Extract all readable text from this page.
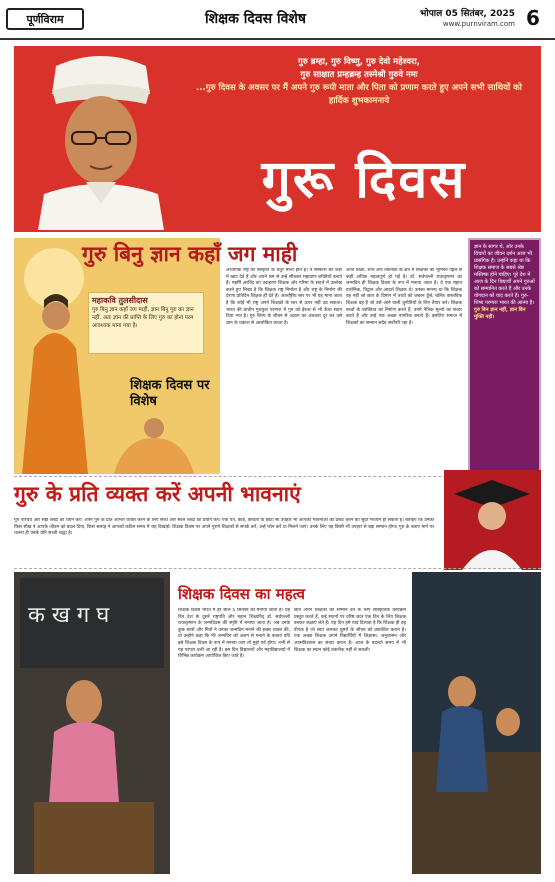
पूर्णविराम	शिक्षक दिवस विशेष	भोपाल 05 सितंबर, 2025
www.purnviram.com 6
गुरु ब्रम्हा, गुरु विष्णु, गुरु देवो महेश्वरा,
गुरु साक्षात प्रम्हब्रम्ह तस्मेश्री गुरुवे नमः
...गुरु दिवस के अवसर पर मैं अपने गुरु रूपी माता और पिता को प्रणाम करते हुए अपने सभी साथियों को
हार्दिक शुभकामनाये
गुरू दिवस
गुरु बिनु ज्ञान कहाँ जग माही
महाकवि तुलसीदास
गुरु बिनु ज्ञान कहाँ जग माही, ज्ञान बिनु गुरु का ज्ञान नहीं. अतः ज्ञान की प्राप्ति के लिए गुरु का होना परम आवश्यक माना गया है।
शिक्षक दिवस पर विशेष
अध्यापक राष्ट्र की संस्कृति के चतुर माली होते हैं। वे संस्कारों की जड़ों में खाद देते हैं और अपने श्रम से उन्हें सींचकर महाप्राण शक्तियाँ बनाते हैं। महर्षि अरविंद का उदाहरण शिक्षक और गरिमा के संदर्भ में उल्लेख करते हुए लिखा है कि शिक्षक राष्ट्र निर्माता है और राष्ट्र के निर्माण की प्रेरणा प्रतिदिन शिक्षक ही देते हैं। अंतर्राष्ट्रीय स्तर पर भी यह माना जाता है कि कोई भी राष्ट्र अपने शिक्षकों के स्तर से ऊपर नहीं उठ सकता। भारत की प्राचीन गुरुकुल परम्परा में गुरु को ईश्वर से भी ऊँचा स्थान दिया गया है। गुरु शिष्य के जीवन से अज्ञान का अंधकार दूर कर उसे ज्ञान के प्रकाश से आलोकित करता है।
आज शिक्षा, शोध और तकनीक के क्षेत्र में शिक्षकों की भूमिका पहले से कहीं अधिक महत्वपूर्ण हो गई है। डॉ. सर्वपल्ली राधाकृष्णन का जन्मदिन ही शिक्षक दिवस के रूप में मनाया जाता है। वे एक महान दार्शनिक, विद्वान और आदर्श शिक्षक थे। उनका मानना था कि शिक्षक वह नहीं जो छात्र के दिमाग में तथ्यों को जबरन ठूँसे, बल्कि वास्तविक शिक्षक वह है जो उसे आने वाली चुनौतियों के लिए तैयार करे। शिक्षक बच्चों के व्यक्तित्व का निर्माण करते हैं, उनमें नैतिक मूल्यों का संचार करते हैं और उन्हें एक अच्छा नागरिक बनाते हैं। इसलिए समाज में शिक्षकों का सम्मान सदैव सर्वोपरि रहा है।
ज्ञान के सागर थे, ओर उनके विचारों का जीवन दर्शन आज भी प्रासंगिक है। उन्होंने कहा था कि शिक्षक समाज के सबसे श्रेष्ठ मस्तिष्क होने चाहिए। पूरे देश में आज के दिन विद्यार्थी अपने गुरुओं को सम्मानित करते हैं और उनके योगदान को याद करते हैं। गुरु-शिष्य परम्परा भारत की आत्मा है।
गुरु बिन ज्ञान नहीं, ज्ञान बिन मुक्ति नहीं।
गुरु के प्रति व्यक्त करें अपनी भावनाएं
गुरु परिचय और सही शब्दों का चयन करें। अपने गुरु के प्रति आभार व्यक्त करने के लिए सच्चे और सरल शब्दों का प्रयोग करें। एक पत्र, कार्ड, कविता या छोटा सा उपहार भी आपकी भावनाओं को प्रकट करने का सुंदर माध्यम हो सकता है। बताइए कि उनकी किस सीख ने आपके जीवन को बदल दिया, किस सलाह ने आपको कठिन समय में राह दिखाई। शिक्षक दिवस पर अपने पुराने शिक्षकों से संपर्क करें, उन्हें फोन करें या मिलने जाएं। उनके लिए यह किसी भी उपहार से बड़ा सम्मान होगा। गुरु के बताए मार्ग पर चलना ही उनके प्रति सच्ची श्रद्धा है।
क ख ग घ
शिक्षक दिवस का महत्व
शिक्षक दिवस भारत में हर साल 5 सितंबर को मनाया जाता है। यह दिन देश के दूसरे राष्ट्रपति और महान शिक्षाविद् डॉ. सर्वपल्ली राधाकृष्णन के जन्मदिवस की स्मृति में मनाया जाता है। जब उनके कुछ छात्रों और मित्रों ने उनका जन्मदिन मनाने की इच्छा व्यक्त की, तो उन्होंने कहा कि मेरे जन्मदिन को अलग से मनाने के बजाय यदि इसे शिक्षक दिवस के रूप में मनाया जाए तो मुझे गर्व होगा। तभी से यह परंपरा चली आ रही है। इस दिन विद्यालयों और महाविद्यालयों में विभिन्न कार्यक्रम आयोजित किए जाते हैं।
छात्र अपने शिक्षकों को सम्मान देने के लिए सांस्कृतिक कार्यक्रम प्रस्तुत करते हैं, कई स्थानों पर वरिष्ठ छात्र एक दिन के लिए शिक्षक बनकर कक्षाएं लेते हैं। यह दिन हमें याद दिलाता है कि शिक्षक ही वह दीपक है जो स्वयं जलकर दूसरों के जीवन को प्रकाशित करता है। एक अच्छा शिक्षक अपने विद्यार्थियों में जिज्ञासा, अनुशासन और आत्मविश्वास का संचार करता है। आज के बदलते समय में भी शिक्षक का स्थान कोई तकनीक नहीं ले सकती।
